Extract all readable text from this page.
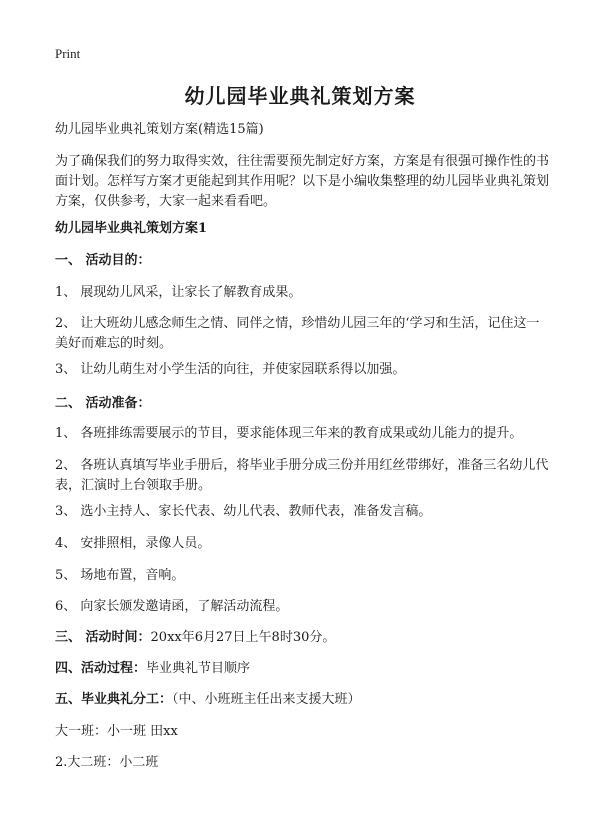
Print
幼儿园毕业典礼策划方案
幼儿园毕业典礼策划方案(精选15篇)
为了确保我们的努力取得实效，往往需要预先制定好方案，方案是有很强可操作性的书面计划。怎样写方案才更能起到其作用呢？以下是小编收集整理的幼儿园毕业典礼策划方案，仅供参考，大家一起来看看吧。
幼儿园毕业典礼策划方案1
一、 活动目的：
1、 展现幼儿风采，让家长了解教育成果。
2、 让大班幼儿感念师生之情、同伴之情，珍惜幼儿园三年的‘学习和生活，记住这一美好而难忘的时刻。
3、 让幼儿萌生对小学生活的向往，并使家园联系得以加强。
二、 活动准备：
1、 各班排练需要展示的节目，要求能体现三年来的教育成果或幼儿能力的提升。
2、 各班认真填写毕业手册后，将毕业手册分成三份并用红丝带绑好，准备三名幼儿代表，汇演时上台领取手册。
3、 选小主持人、家长代表、幼儿代表、教师代表，准备发言稿。
4、 安排照相，录像人员。
5、 场地布置，音响。
6、 向家长颁发邀请函，了解活动流程。
三、 活动时间：20xx年6月27日上午8时30分。
四、活动过程：毕业典礼节目顺序
五、毕业典礼分工：（中、小班班主任出来支援大班）
大一班：小一班 田xx
2.大二班：小二班
